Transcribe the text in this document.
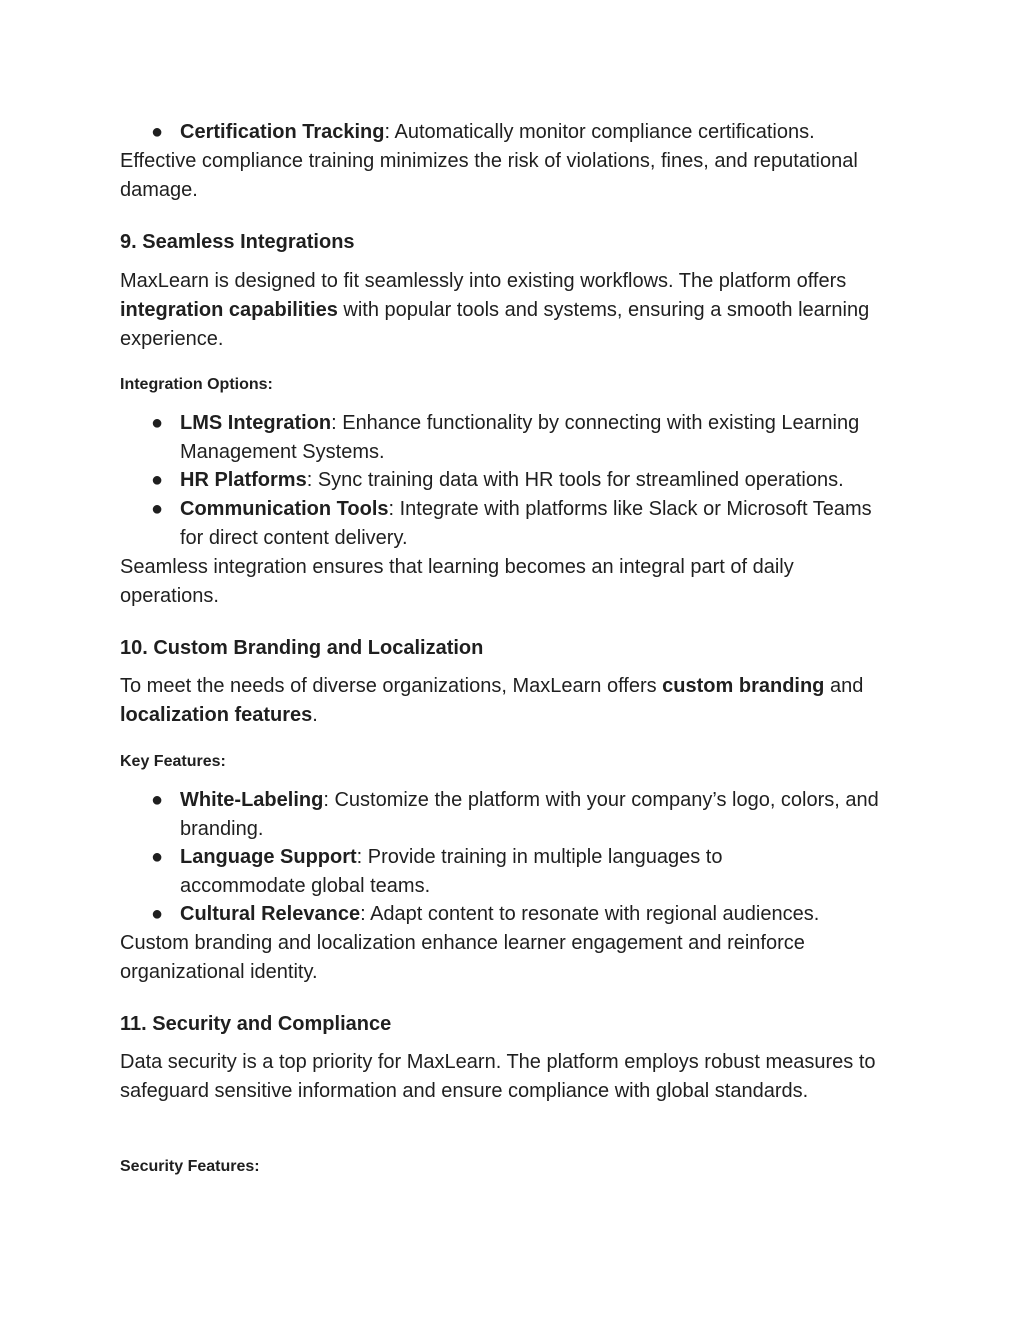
● Certification Tracking: Automatically monitor compliance certifications.

Effective compliance training minimizes the risk of violations, fines, and reputational damage.

9. Seamless Integrations

MaxLearn is designed to fit seamlessly into existing workflows. The platform offers integration capabilities with popular tools and systems, ensuring a smooth learning experience.

Integration Options:

● LMS Integration: Enhance functionality by connecting with existing Learning Management Systems.

● HR Platforms: Sync training data with HR tools for streamlined operations.

● Communication Tools: Integrate with platforms like Slack or Microsoft Teams for direct content delivery.

Seamless integration ensures that learning becomes an integral part of daily operations.

10. Custom Branding and Localization

To meet the needs of diverse organizations, MaxLearn offers custom branding and localization features.

Key Features:

● White-Labeling: Customize the platform with your company’s logo, colors, and branding.

● Language Support: Provide training in multiple languages to accommodate global teams.

● Cultural Relevance: Adapt content to resonate with regional audiences.

Custom branding and localization enhance learner engagement and reinforce organizational identity.

11. Security and Compliance

Data security is a top priority for MaxLearn. The platform employs robust measures to safeguard sensitive information and ensure compliance with global standards.

Security Features:
